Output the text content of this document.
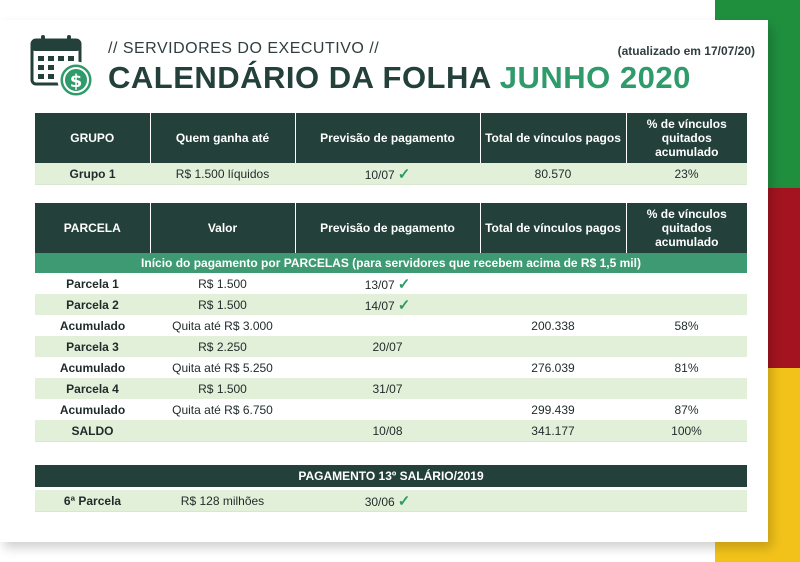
$
// SERVIDORES DO EXECUTIVO //	(atualizado em 17/07/20)
CALENDÁRIO DA FOLHA JUNHO 2020
GRUPO	Quem ganha até	Previsão de pagamento	Total de vínculos pagos	% de vínculos quitados acumulado
Grupo 1	R$ 1.500 líquidos	10/07 ✓	80.570	23%
PARCELA	Valor	Previsão de pagamento	Total de vínculos pagos	% de vínculos quitados acumulado
Início do pagamento por PARCELAS (para servidores que recebem acima de R$ 1,5 mil)				
Parcela 1	R$ 1.500	13/07 ✓		
Parcela 2	R$ 1.500	14/07 ✓		
Acumulado	Quita até R$ 3.000		200.338	58%
Parcela 3	R$ 2.250	20/07		
Acumulado	Quita até R$ 5.250		276.039	81%
Parcela 4	R$ 1.500	31/07		
Acumulado	Quita até R$ 6.750		299.439	87%
SALDO		10/08	341.177	100%
PAGAMENTO 13º SALÁRIO/2019

6ª Parcela	R$ 128 milhões	30/06 ✓		
